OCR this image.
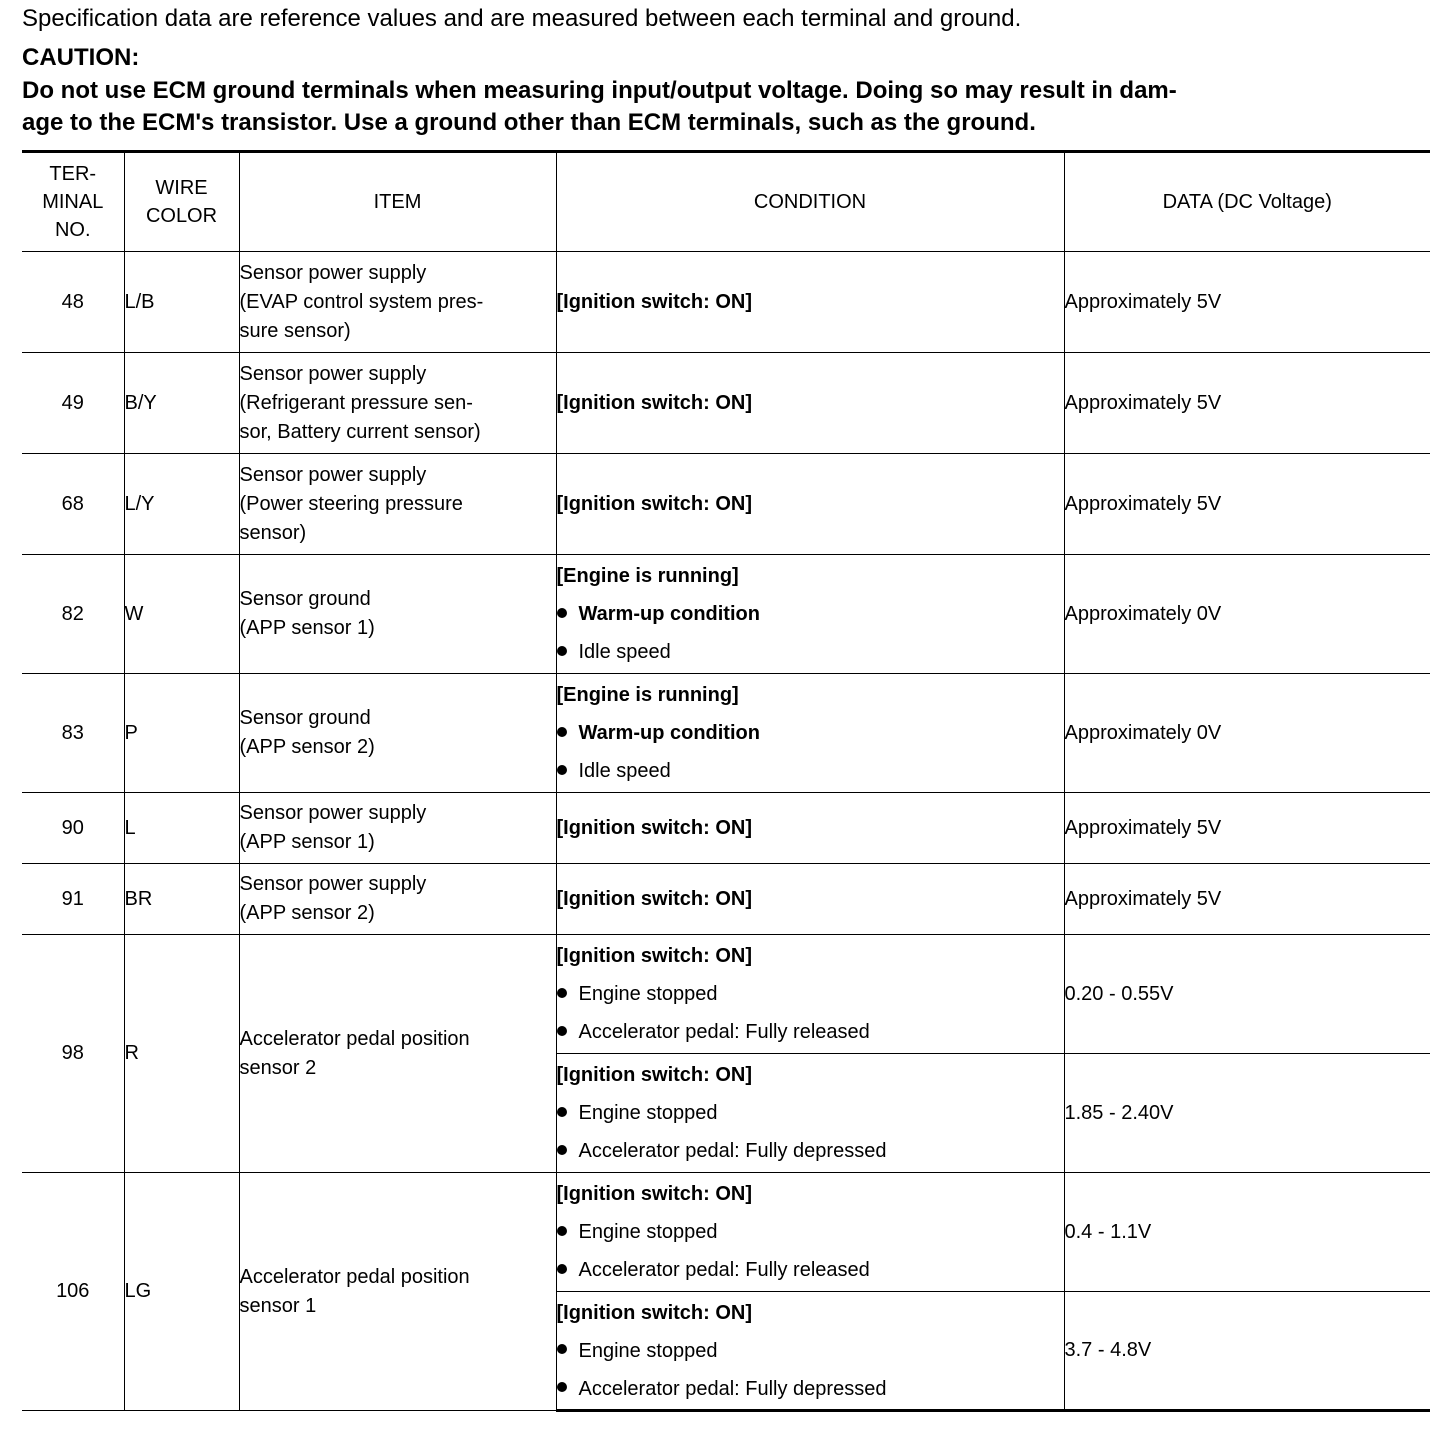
Specification data are reference values and are measured between each terminal and ground.
CAUTION:

Do not use ECM ground terminals when measuring input/output voltage. Doing so may result in dam-
age to the ECM's transistor. Use a ground other than ECM terminals, such as the ground.

TER-
MINAL
NO.	WIRE
COLOR	ITEM	CONDITION	DATA (DC Voltage)
48	L/B	Sensor power supply
(EVAP control system pres-
sure sensor)	[Ignition switch: ON]	Approximately 5V
49	B/Y	Sensor power supply
(Refrigerant pressure sen-
sor, Battery current sensor)	[Ignition switch: ON]	Approximately 5V
68	L/Y	Sensor power supply
(Power steering pressure
sensor)	[Ignition switch: ON]	Approximately 5V
82	W	Sensor ground
(APP sensor 1)	[Engine is running]
Warm-up condition
Idle speed	Approximately 0V
83	P	Sensor ground
(APP sensor 2)	[Engine is running]
Warm-up condition
Idle speed	Approximately 0V
90	L	Sensor power supply
(APP sensor 1)	[Ignition switch: ON]	Approximately 5V
91	BR	Sensor power supply
(APP sensor 2)	[Ignition switch: ON]	Approximately 5V
98	R	Accelerator pedal position
sensor 2	[Ignition switch: ON]
Engine stopped
Accelerator pedal: Fully released	0.20 - 0.55V

			[Ignition switch: ON]
Engine stopped
Accelerator pedal: Fully depressed	1.85 - 2.40V
106	LG	Accelerator pedal position
sensor 1	[Ignition switch: ON]
Engine stopped
Accelerator pedal: Fully released	0.4 - 1.1V

			[Ignition switch: ON]
Engine stopped
Accelerator pedal: Fully depressed	3.7 - 4.8V
